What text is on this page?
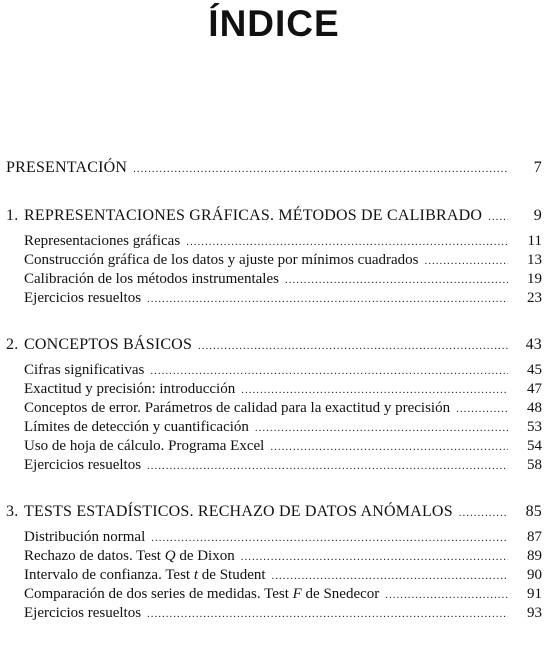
ÍNDICE
PRESENTACIÓN .....	7
1. REPRESENTACIONES GRÁFICAS. MÉTODOS DE CALIBRADO .....	9
Representaciones gráficas .....	11
Construcción gráfica de los datos y ajuste por mínimos cuadrados .....	13
Calibración de los métodos instrumentales .....	19
Ejercicios resueltos .....	23
2. CONCEPTOS BÁSICOS .....	43
Cifras significativas .....	45
Exactitud y precisión: introducción .....	47
Conceptos de error. Parámetros de calidad para la exactitud y precisión .....	48
Límites de detección y cuantificación .....	53
Uso de hoja de cálculo. Programa Excel .....	54
Ejercicios resueltos .....	58
3. TESTS ESTADÍSTICOS. RECHAZO DE DATOS ANÓMALOS .....	85
Distribución normal .....	87
Rechazo de datos. Test Q de Dixon .....	89
Intervalo de confianza. Test t de Student .....	90
Comparación de dos series de medidas. Test F de Snedecor .....	91
Ejercicios resueltos .....	93
